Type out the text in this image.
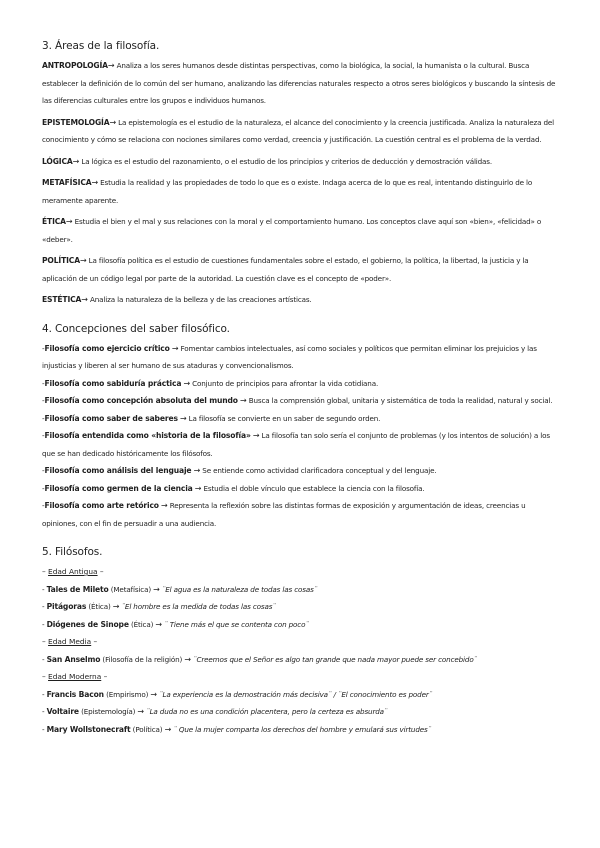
3. Áreas de la filosofía.
ANTROPOLOGÍA→ Analiza a los seres humanos desde distintas perspectivas, como la biológica, la social, la humanista o la cultural. Busca establecer la definición de lo común del ser humano, analizando las diferencias naturales respecto a otros seres biológicos y buscando la síntesis de las diferencias culturales entre los grupos e individuos humanos.
EPISTEMOLOGÍA→ La epistemología es el estudio de la naturaleza, el alcance del conocimiento y la creencia justificada. Analiza la naturaleza del conocimiento y cómo se relaciona con nociones similares como verdad, creencia y justificación. La cuestión central es el problema de la verdad.
LÓGICA→ La lógica es el estudio del razonamiento, o el estudio de los principios y criterios de deducción y demostración válidas.
METAFÍSICA→ Estudia la realidad y las propiedades de todo lo que es o existe. Indaga acerca de lo que es real, intentando distinguirlo de lo meramente aparente.
ÉTICA→ Estudia el bien y el mal y sus relaciones con la moral y el comportamiento humano. Los conceptos clave aquí son «bien», «felicidad» o «deber».
POLÍTICA→ La filosofía política es el estudio de cuestiones fundamentales sobre el estado, el gobierno, la política, la libertad, la justicia y la aplicación de un código legal por parte de la autoridad. La cuestión clave es el concepto de «poder».
ESTÉTICA→ Analiza la naturaleza de la belleza y de las creaciones artísticas.
4. Concepciones del saber filosófico.
-Filosofía como ejercicio crítico → Fomentar cambios intelectuales, así como sociales y políticos que permitan eliminar los prejuicios y las injusticias y liberen al ser humano de sus ataduras y convencionalismos.
-Filosofía como sabiduría práctica → Conjunto de principios para afrontar la vida cotidiana.
-Filosofía como concepción absoluta del mundo → Busca la comprensión global, unitaria y sistemática de toda la realidad, natural y social.
-Filosofía como saber de saberes → La filosofía se convierte en un saber de segundo orden.
-Filosofía entendida como «historia de la filosofía» → La filosofía tan solo sería el conjunto de problemas (y los intentos de solución) a los que se han dedicado históricamente los filósofos.
-Filosofía como análisis del lenguaje → Se entiende como actividad clarificadora conceptual y del lenguaje.
-Filosofía como germen de la ciencia → Estudia el doble vínculo que establece la ciencia con la filosofía.
-Filosofía como arte retórico → Representa la reflexión sobre las distintas formas de exposición y argumentación de ideas, creencias u opiniones, con el fin de persuadir a una audiencia.
5. Filósofos.
– Edad Antigua –
- Tales de Mileto (Metafísica) → ¨El agua es la naturaleza de todas las cosas¨
- Pitágoras (Ética) → ¨El hombre es la medida de todas las cosas¨
- Diógenes de Sinope (Ética) → ¨ Tiene más el que se contenta con poco¨
– Edad Media –
- San Anselmo (Filosofía de la religión) → ¨Creemos que el Señor es algo tan grande que nada mayor puede ser concebido¨
– Edad Moderna –
- Francis Bacon (Empirismo) → ¨La experiencia es la demostración más decisiva¨ / ¨El conocimiento es poder¨
- Voltaire (Epistemología) → ¨La duda no es una condición placentera, pero la certeza es absurda¨
- Mary Wollstonecraft (Política) → ¨ Que la mujer comparta los derechos del hombre y emulará sus virtudes¨
